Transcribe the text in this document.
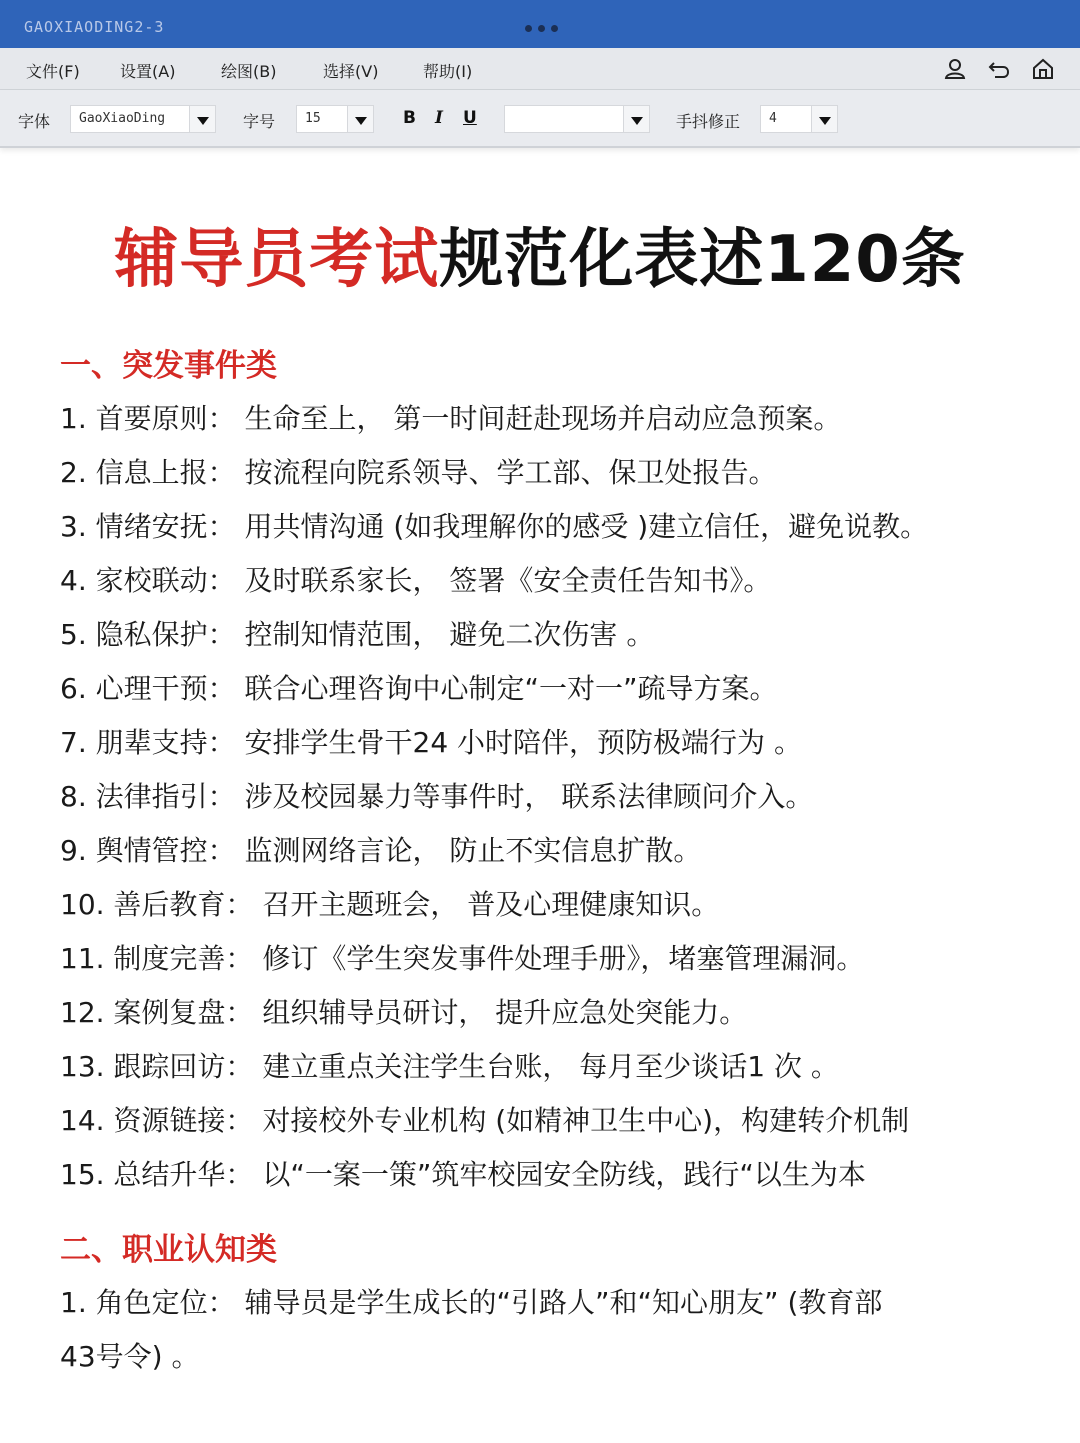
GAOXIAODING2-3
文件(F)	设置(A)	绘图(B)	选择(V)	帮助(I)
字体	GaoXiaoDing	字号	15	B I U	手抖修正	4
辅导员考试规范化表述120条
一、突发事件类
1. 首要原则： 生命至上， 第一时间赶赴现场并启动应急预案。
2. 信息上报： 按流程向院系领导、学工部、保卫处报告。
3. 情绪安抚： 用共情沟通 (如我理解你的感受 )建立信任，避免说教。
4. 家校联动： 及时联系家长， 签署《安全责任告知书》。
5. 隐私保护： 控制知情范围， 避免二次伤害 。
6. 心理干预： 联合心理咨询中心制定“一对一”疏导方案。
7. 朋辈支持： 安排学生骨干24 小时陪伴，预防极端行为 。
8. 法律指引： 涉及校园暴力等事件时， 联系法律顾问介入。
9. 舆情管控： 监测网络言论， 防止不实信息扩散。
10. 善后教育： 召开主题班会， 普及心理健康知识。
11. 制度完善： 修订《学生突发事件处理手册》，堵塞管理漏洞。
12. 案例复盘： 组织辅导员研讨， 提升应急处突能力。
13. 跟踪回访： 建立重点关注学生台账， 每月至少谈话1 次 。
14. 资源链接： 对接校外专业机构 (如精神卫生中心)，构建转介机制
15. 总结升华： 以“一案一策”筑牢校园安全防线，践行“以生为本
二、职业认知类
1. 角色定位： 辅导员是学生成长的“引路人”和“知心朋友” (教育部
43号令) 。
